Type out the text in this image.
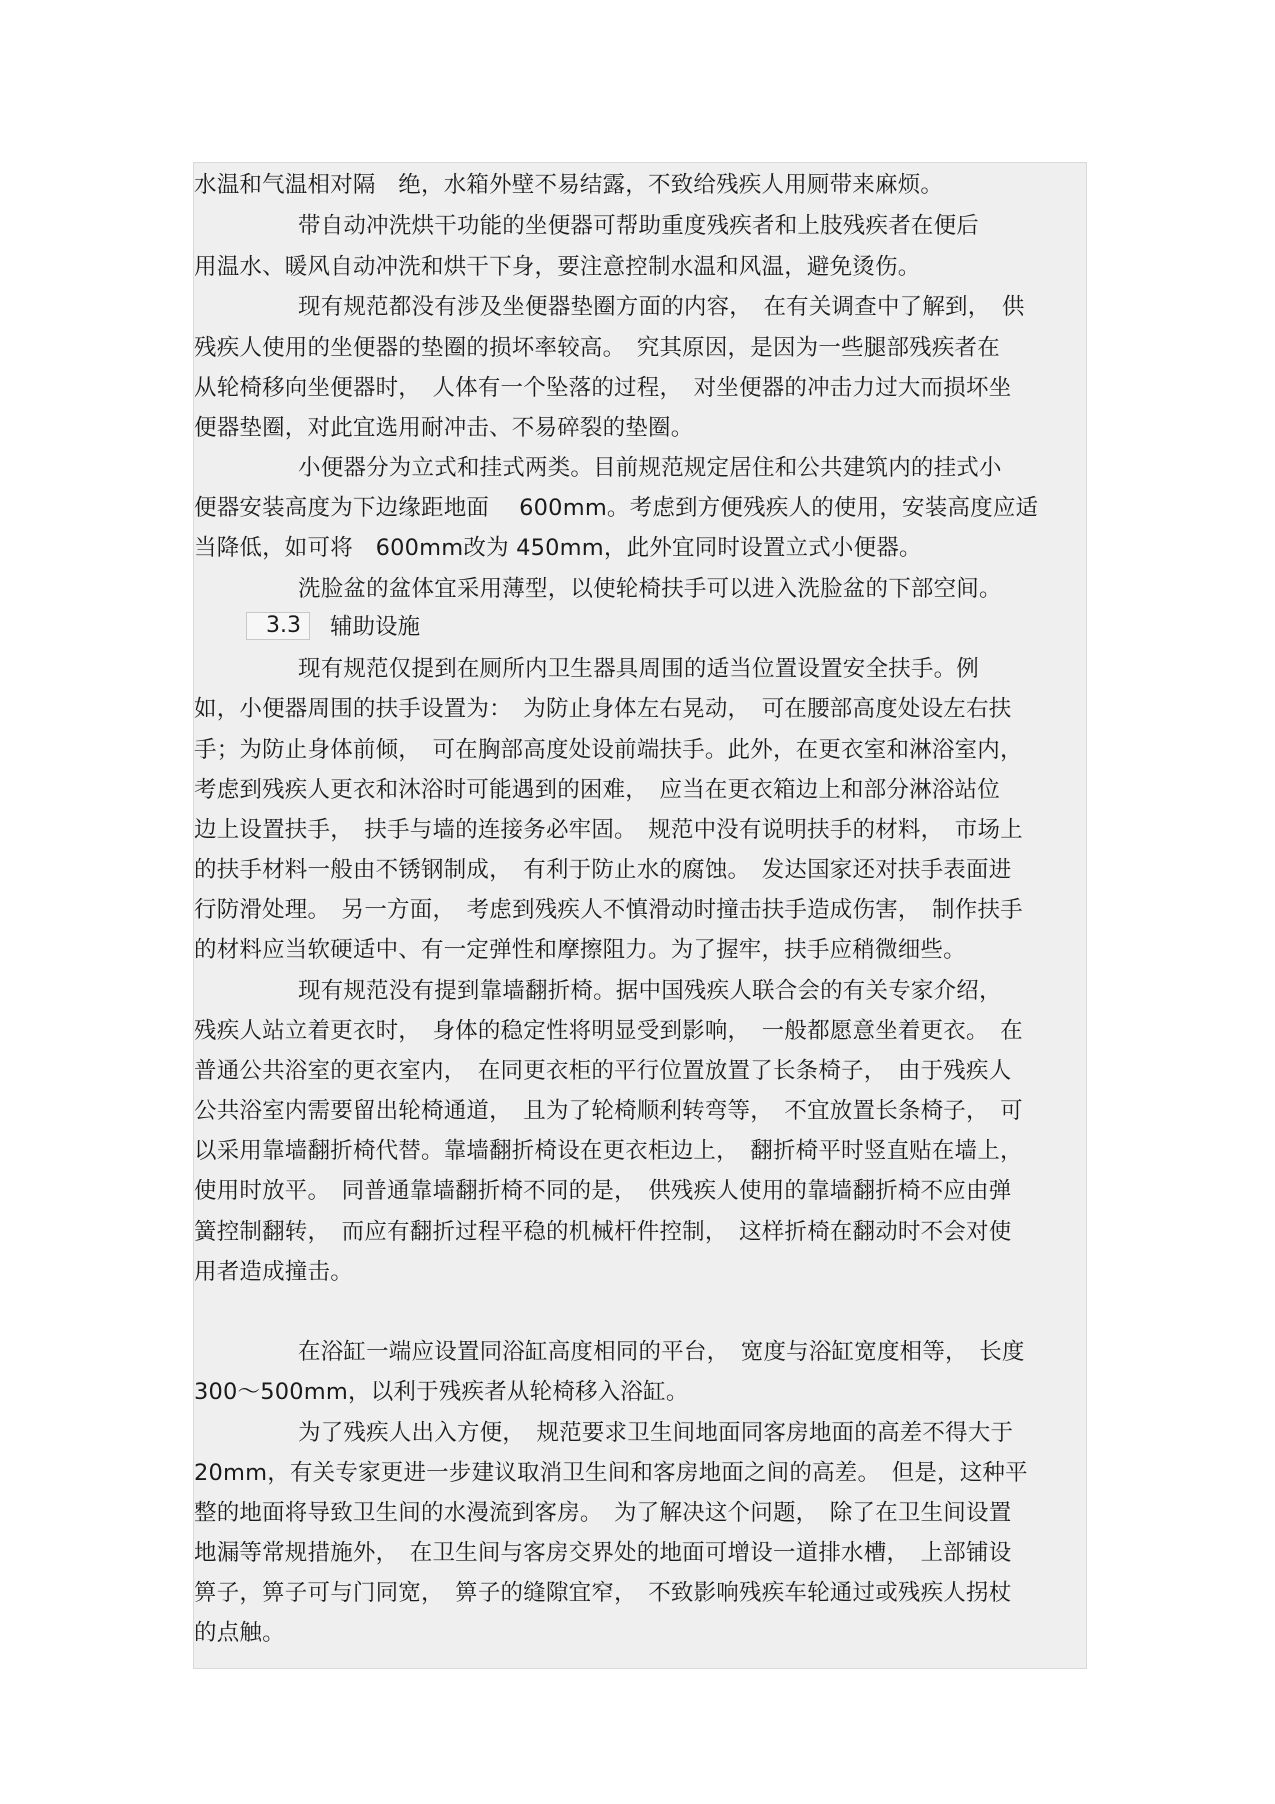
水温和气温相对隔　绝，水箱外壁不易结露，不致给残疾人用厕带来麻烦。
带自动冲洗烘干功能的坐便器可帮助重度残疾者和上肢残疾者在便后
用温水、暖风自动冲洗和烘干下身，要注意控制水温和风温，避免烫伤。
现有规范都没有涉及坐便器垫圈方面的内容，　在有关调查中了解到，　供
残疾人使用的坐便器的垫圈的损坏率较高。　究其原因，是因为一些腿部残疾者在
从轮椅移向坐便器时，　人体有一个坠落的过程，　对坐便器的冲击力过大而损坏坐
便器垫圈，对此宜选用耐冲击、不易碎裂的垫圈。
小便器分为立式和挂式两类。目前规范规定居住和公共建筑内的挂式小
便器安装高度为下边缘距地面　 600mm。考虑到方便残疾人的使用，安装高度应适
当降低，如可将　600mm改为 450mm，此外宜同时设置立式小便器。
洗脸盆的盆体宜采用薄型，以使轮椅扶手可以进入洗脸盆的下部空间。
3.3	辅助设施
现有规范仅提到在厕所内卫生器具周围的适当位置设置安全扶手。例
如，小便器周围的扶手设置为：　为防止身体左右晃动，　可在腰部高度处设左右扶
手；为防止身体前倾，　可在胸部高度处设前端扶手。此外，在更衣室和淋浴室内，
考虑到残疾人更衣和沐浴时可能遇到的困难，　应当在更衣箱边上和部分淋浴站位
边上设置扶手，　扶手与墙的连接务必牢固。　规范中没有说明扶手的材料，　市场上
的扶手材料一般由不锈钢制成，　有利于防止水的腐蚀。　发达国家还对扶手表面进
行防滑处理。　另一方面，　考虑到残疾人不慎滑动时撞击扶手造成伤害，　制作扶手
的材料应当软硬适中、有一定弹性和摩擦阻力。为了握牢，扶手应稍微细些。
现有规范没有提到靠墙翻折椅。据中国残疾人联合会的有关专家介绍，
残疾人站立着更衣时，　身体的稳定性将明显受到影响，　一般都愿意坐着更衣。　在
普通公共浴室的更衣室内，　在同更衣柜的平行位置放置了长条椅子，　由于残疾人
公共浴室内需要留出轮椅通道，　且为了轮椅顺利转弯等，　不宜放置长条椅子，　可
以采用靠墙翻折椅代替。靠墙翻折椅设在更衣柜边上，　翻折椅平时竖直贴在墙上，
使用时放平。　同普通靠墙翻折椅不同的是，　供残疾人使用的靠墙翻折椅不应由弹
簧控制翻转，　而应有翻折过程平稳的机械杆件控制，　这样折椅在翻动时不会对使
用者造成撞击。
在浴缸一端应设置同浴缸高度相同的平台，　宽度与浴缸宽度相等，　长度
300～500mm，以利于残疾者从轮椅移入浴缸。
为了残疾人出入方便，　规范要求卫生间地面同客房地面的高差不得大于
20mm，有关专家更进一步建议取消卫生间和客房地面之间的高差。　但是，这种平
整的地面将导致卫生间的水漫流到客房。　为了解决这个问题，　除了在卫生间设置
地漏等常规措施外，　在卫生间与客房交界处的地面可增设一道排水槽，　上部铺设
箅子，箅子可与门同宽，　箅子的缝隙宜窄，　不致影响残疾车轮通过或残疾人拐杖
的点触。
